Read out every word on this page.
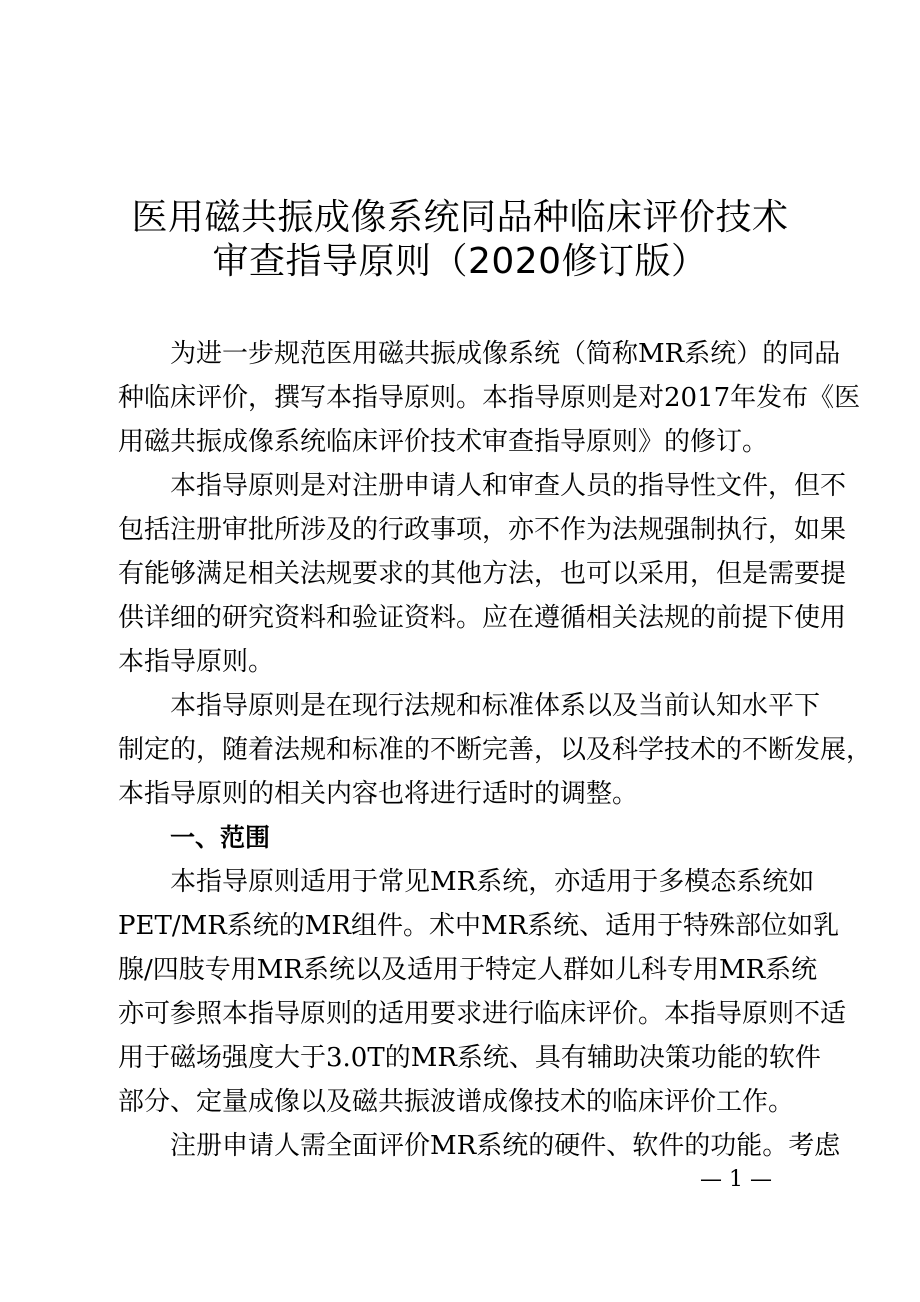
医用磁共振成像系统同品种临床评价技术
审查指导原则（2020修订版）
为进一步规范医用磁共振成像系统（简称MR系统）的同品
种临床评价，撰写本指导原则。本指导原则是对2017年发布《医
用磁共振成像系统临床评价技术审查指导原则》的修订。
本指导原则是对注册申请人和审查人员的指导性文件，但不
包括注册审批所涉及的行政事项，亦不作为法规强制执行，如果
有能够满足相关法规要求的其他方法，也可以采用，但是需要提
供详细的研究资料和验证资料。应在遵循相关法规的前提下使用
本指导原则。
本指导原则是在现行法规和标准体系以及当前认知水平下
制定的，随着法规和标准的不断完善，以及科学技术的不断发展，
本指导原则的相关内容也将进行适时的调整。
一、范围
本指导原则适用于常见MR系统，亦适用于多模态系统如
PET/MR系统的MR组件。术中MR系统、适用于特殊部位如乳
腺/四肢专用MR系统以及适用于特定人群如儿科专用MR系统
亦可参照本指导原则的适用要求进行临床评价。本指导原则不适
用于磁场强度大于3.0T的MR系统、具有辅助决策功能的软件
部分、定量成像以及磁共振波谱成像技术的临床评价工作。
注册申请人需全面评价MR系统的硬件、软件的功能。考虑
— 1 —
